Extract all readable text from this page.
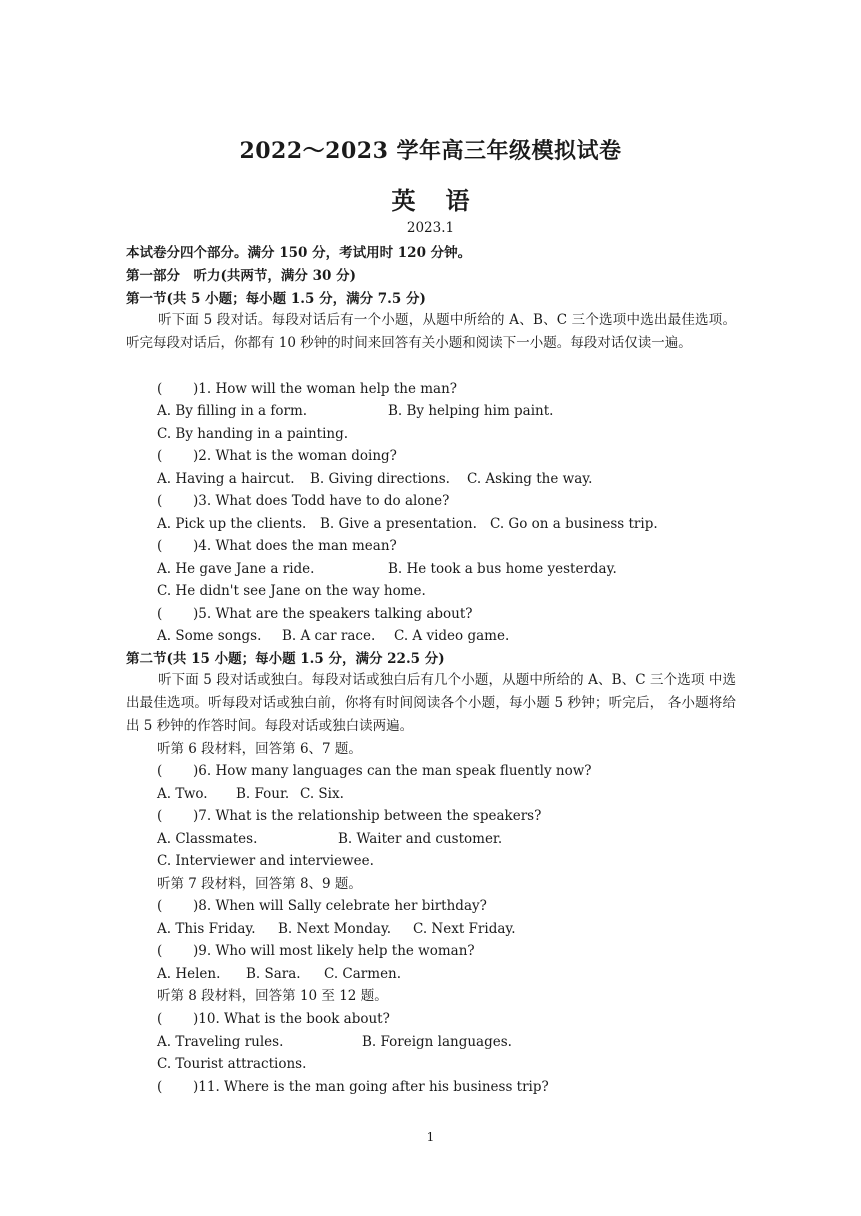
2022～2023 学年高三年级模拟试卷
英语
2023.1
本试卷分四个部分。满分 150 分，考试用时 120 分钟。
第一部分　听力(共两节，满分 30 分)
第一节(共 5 小题；每小题 1.5 分，满分 7.5 分)
听下面 5 段对话。每段对话后有一个小题，从题中所给的 A、B、C 三个选项中选出最佳选项。听完每段对话后，你都有 10 秒钟的时间来回答有关小题和阅读下一小题。每段对话仅读一遍。
( )1. How will the woman help the man?
A. By filling in a form.	B. By helping him paint.
C. By handing in a painting.
( )2. What is the woman doing?
A. Having a haircut. B. Giving directions. C. Asking the way.
( )3. What does Todd have to do alone?
A. Pick up the clients. B. Give a presentation. C. Go on a business trip.
( )4. What does the man mean?
A. He gave Jane a ride.	B. He took a bus home yesterday.
C. He didn't see Jane on the way home.
( )5. What are the speakers talking about?
A. Some songs. B. A car race. C. A video game.
第二节(共 15 小题；每小题 1.5 分，满分 22.5 分)
听下面 5 段对话或独白。每段对话或独白后有几个小题，从题中所给的 A、B、C 三个选项 中选出最佳选项。听每段对话或独白前，你将有时间阅读各个小题，每小题 5 秒钟；听完后， 各小题将给出 5 秒钟的作答时间。每段对话或独白读两遍。
听第 6 段材料，回答第 6、7 题。
( )6. How many languages can the man speak fluently now?
A. Two. B. Four. C. Six.
( )7. What is the relationship between the speakers?
A. Classmates.	B. Waiter and customer.
C. Interviewer and interviewee.
听第 7 段材料，回答第 8、9 题。
( )8. When will Sally celebrate her birthday?
A. This Friday. B. Next Monday. C. Next Friday.
( )9. Who will most likely help the woman?
A. Helen. B. Sara. C. Carmen.
听第 8 段材料，回答第 10 至 12 题。
( )10. What is the book about?
A. Traveling rules.	B. Foreign languages.
C. Tourist attractions.
( )11. Where is the man going after his business trip?
1
